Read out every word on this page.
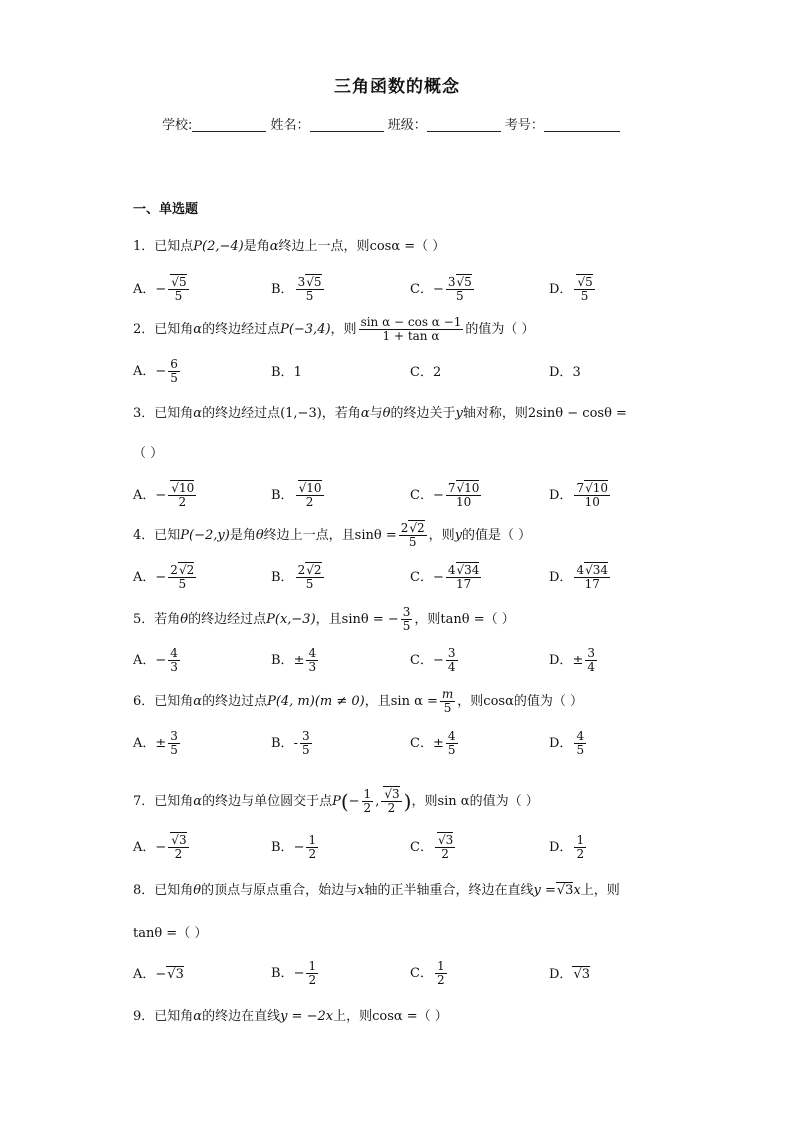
三角函数的概念
学校:	姓名：	班级：	考号：
一、单选题
1．已知点P(2,−4)是角α终边上一点，则cosα =（ ）
A．− √ $\frac{5}{5}$	B． $\frac{3 √ 5}{5}$	C．− $\frac{3 √ 5}{5}$	D． √ $\frac{5}{5}$
2．已知角α的终边经过点P(−3,4)，则 $\frac{\text{sin α − cos α −1}}{\text{1 + tan α}}$ 的值为（ ）
A．− $\frac{6}{5}$	B．1	C．2	D．3
3．已知角α的终边经过点(1,−3)，若角α与θ的终边关于y轴对称，则2sinθ − cosθ =
（ ）
A．− √ $\frac{10}{2}$	B． √ $\frac{10}{2}$	C．− $\frac{7 √ 10}{10}$	D． $\frac{7 √ 10}{10}$
4．已知P(−2,y)是角θ终边上一点，且$\sin\theta = \frac{2 √ 2}{5}$ ，则y的值是（ ）
A．− $\frac{2 √ 2}{5}$	B． $\frac{2 √ 2}{5}$	C．− $\frac{4 √ 34}{17}$	D． $\frac{4 √ 34}{17}$
5．若角θ的终边经过点P(x,−3)，且sinθ = − $\frac{3}{5}$ ，则tanθ =（ ）
A．− $\frac{4}{3}$	B．± $\frac{4}{3}$	C．− $\frac{3}{4}$	D．± $\frac{3}{4}$
6．已知角α的终边过点P(4, m)(m ≠ 0)，且$\sin \alpha = \frac{m}{5}$ ，则cosα的值为（ ）
A．± $\frac{3}{5}$	B．- $\frac{3}{5}$	C．± $\frac{4}{5}$	D． $\frac{4}{5}$
7．已知角α的终边与单位圆交于点$P(- \frac{1}{2}$ , √ $\frac{3}{2}$ )，则sin α的值为（ ）
A．− √ $\frac{3}{2}$	B．− $\frac{1}{2}$	C． √ $\frac{3}{2}$	D． $\frac{1}{2}$
8．已知角θ的顶点与原点重合，始边与x轴的正半轴重合，终边在直线y = √ 3x上，则
tanθ =（ ）
A．− √ 3	B．− $\frac{1}{2}$	C． $\frac{1}{2}$	D． √ 3
9．已知角α的终边在直线y = −2x上，则cosα =（ ）
